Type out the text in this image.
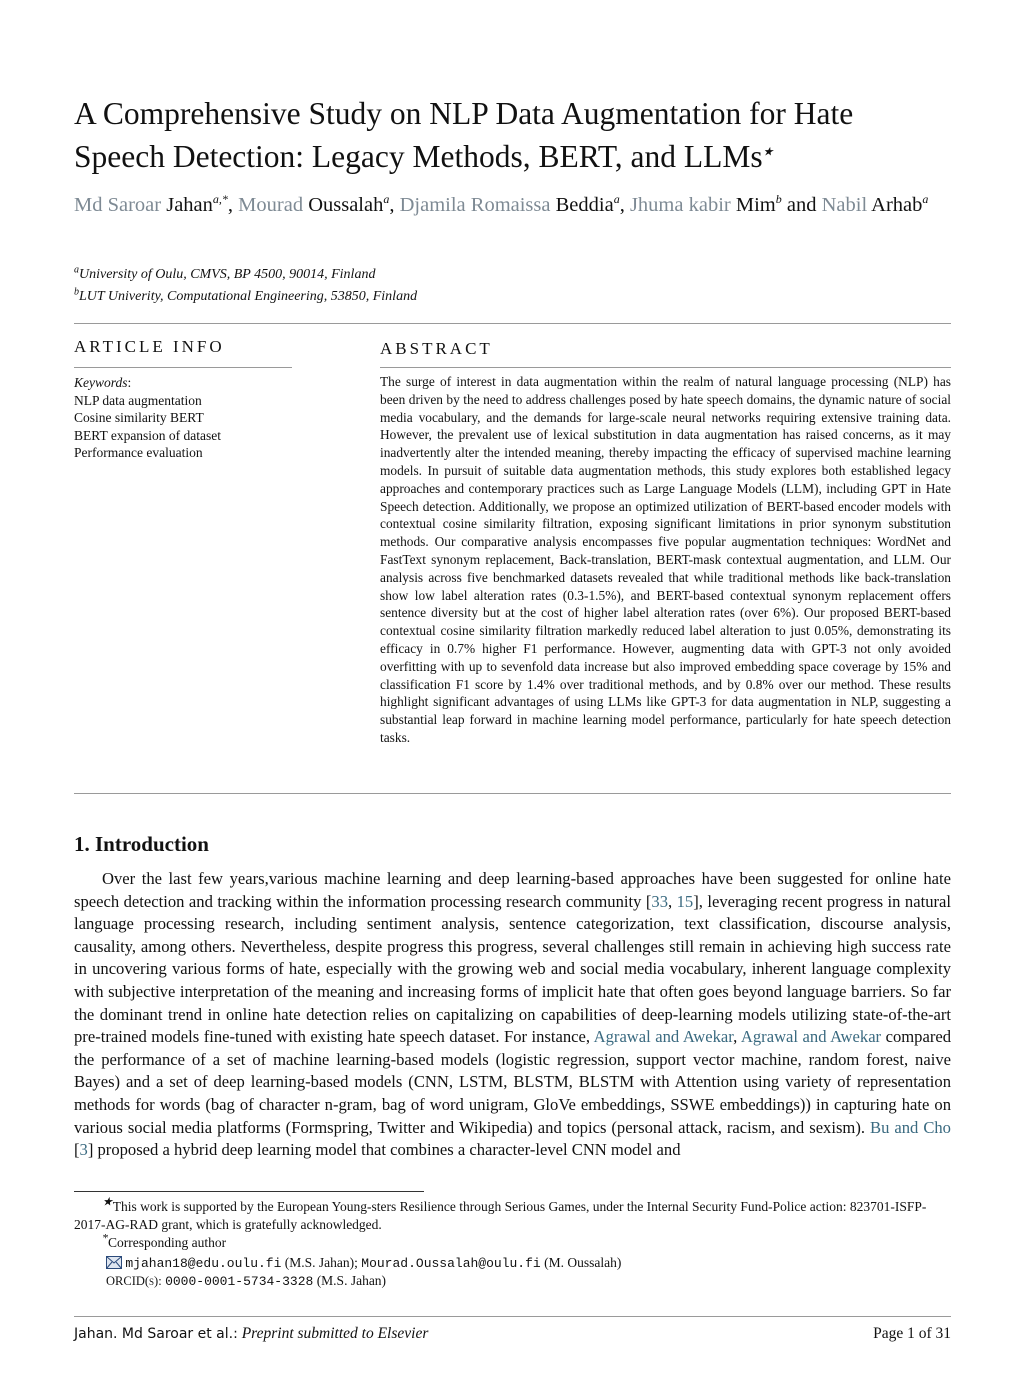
A Comprehensive Study on NLP Data Augmentation for Hate Speech Detection: Legacy Methods, BERT, and LLMs★
Md Saroar Jahan$^{a,*}$, Mourad Oussalah$^a$, Djamila Romaissa Beddia$^a$, Jhuma kabir Mim$^b$ and Nabil Arhab$^a$
$^a$University of Oulu, CMVS, BP 4500, 90014, Finland
$^b$LUT Univerity, Computational Engineering, 53850, Finland
ARTICLE INFO	ABSTRACT
Keywords:
NLP data augmentation
Cosine similarity BERT
BERT expansion of dataset
Performance evaluation

The surge of interest in data augmentation within the realm of natural language processing (NLP) has been driven by the need to address challenges posed by hate speech domains, the dynamic nature of social media vocabulary, and the demands for large-scale neural networks requiring extensive training data. However, the prevalent use of lexical substitution in data augmentation has raised concerns, as it may inadvertently alter the intended meaning, thereby impacting the efficacy of supervised machine learning models. In pursuit of suitable data augmentation methods, this study explores both established legacy approaches and contemporary practices such as Large Language Models (LLM), including GPT in Hate Speech detection. Additionally, we propose an optimized utilization of BERT-based encoder models with contextual cosine similarity filtration, exposing significant limitations in prior synonym substitution methods. Our comparative analysis encompasses five popular augmentation techniques: WordNet and FastText synonym replacement, Back-translation, BERT-mask contextual augmentation, and LLM. Our analysis across five benchmarked datasets revealed that while traditional methods like back-translation show low label alteration rates (0.3-1.5%), and BERT-based contextual synonym replacement offers sentence diversity but at the cost of higher label alteration rates (over 6%). Our proposed BERT-based contextual cosine similarity filtration markedly reduced label alteration to just 0.05%, demonstrating its efficacy in 0.7% higher F1 performance. However, augmenting data with GPT-3 not only avoided overfitting with up to sevenfold data increase but also improved embedding space coverage by 15% and classification F1 score by 1.4% over traditional methods, and by 0.8% over our method. These results highlight significant advantages of using LLMs like GPT-3 for data augmentation in NLP, suggesting a substantial leap forward in machine learning model performance, particularly for hate speech detection tasks.

1. Introduction

Over the last few years,various machine learning and deep learning-based approaches have been suggested for online hate speech detection and tracking within the information processing research community [33, 15], leveraging recent progress in natural language processing research, including sentiment analysis, sentence categorization, text classification, discourse analysis, causality, among others. Nevertheless, despite progress this progress, several challenges still remain in achieving high success rate in uncovering various forms of hate, especially with the growing web and social media vocabulary, inherent language complexity with subjective interpretation of the meaning and increasing forms of implicit hate that often goes beyond language barriers. So far the dominant trend in online hate detection relies on capitalizing on capabilities of deep-learning models utilizing state-of-the-art pre-trained models fine-tuned with existing hate speech dataset. For instance, Agrawal and Awekar, Agrawal and Awekar compared the performance of a set of machine learning-based models (logistic regression, support vector machine, random forest, naive Bayes) and a set of deep learning-based models (CNN, LSTM, BLSTM, BLSTM with Attention using variety of representation methods for words (bag of character n-gram, bag of word unigram, GloVe embeddings, SSWE embeddings)) in capturing hate on various social media platforms (Formspring, Twitter and Wikipedia) and topics (personal attack, racism, and sexism). Bu and Cho [3] proposed a hybrid deep learning model that combines a character-level CNN model and

★This work is supported by the European Young-sters Resilience through Serious Games, under the Internal Security Fund-Police action: 823701-ISFP-2017-AG-RAD grant, which is gratefully acknowledged.
*Corresponding author
mjahan18@edu.oulu.fi (M.S. Jahan); Mourad.Oussalah@oulu.fi (M. Oussalah)
ORCID(s): 0000-0001-5734-3328 (M.S. Jahan)
Jahan. Md Saroar et al.: Preprint submitted to Elsevier	Page 1 of 31
